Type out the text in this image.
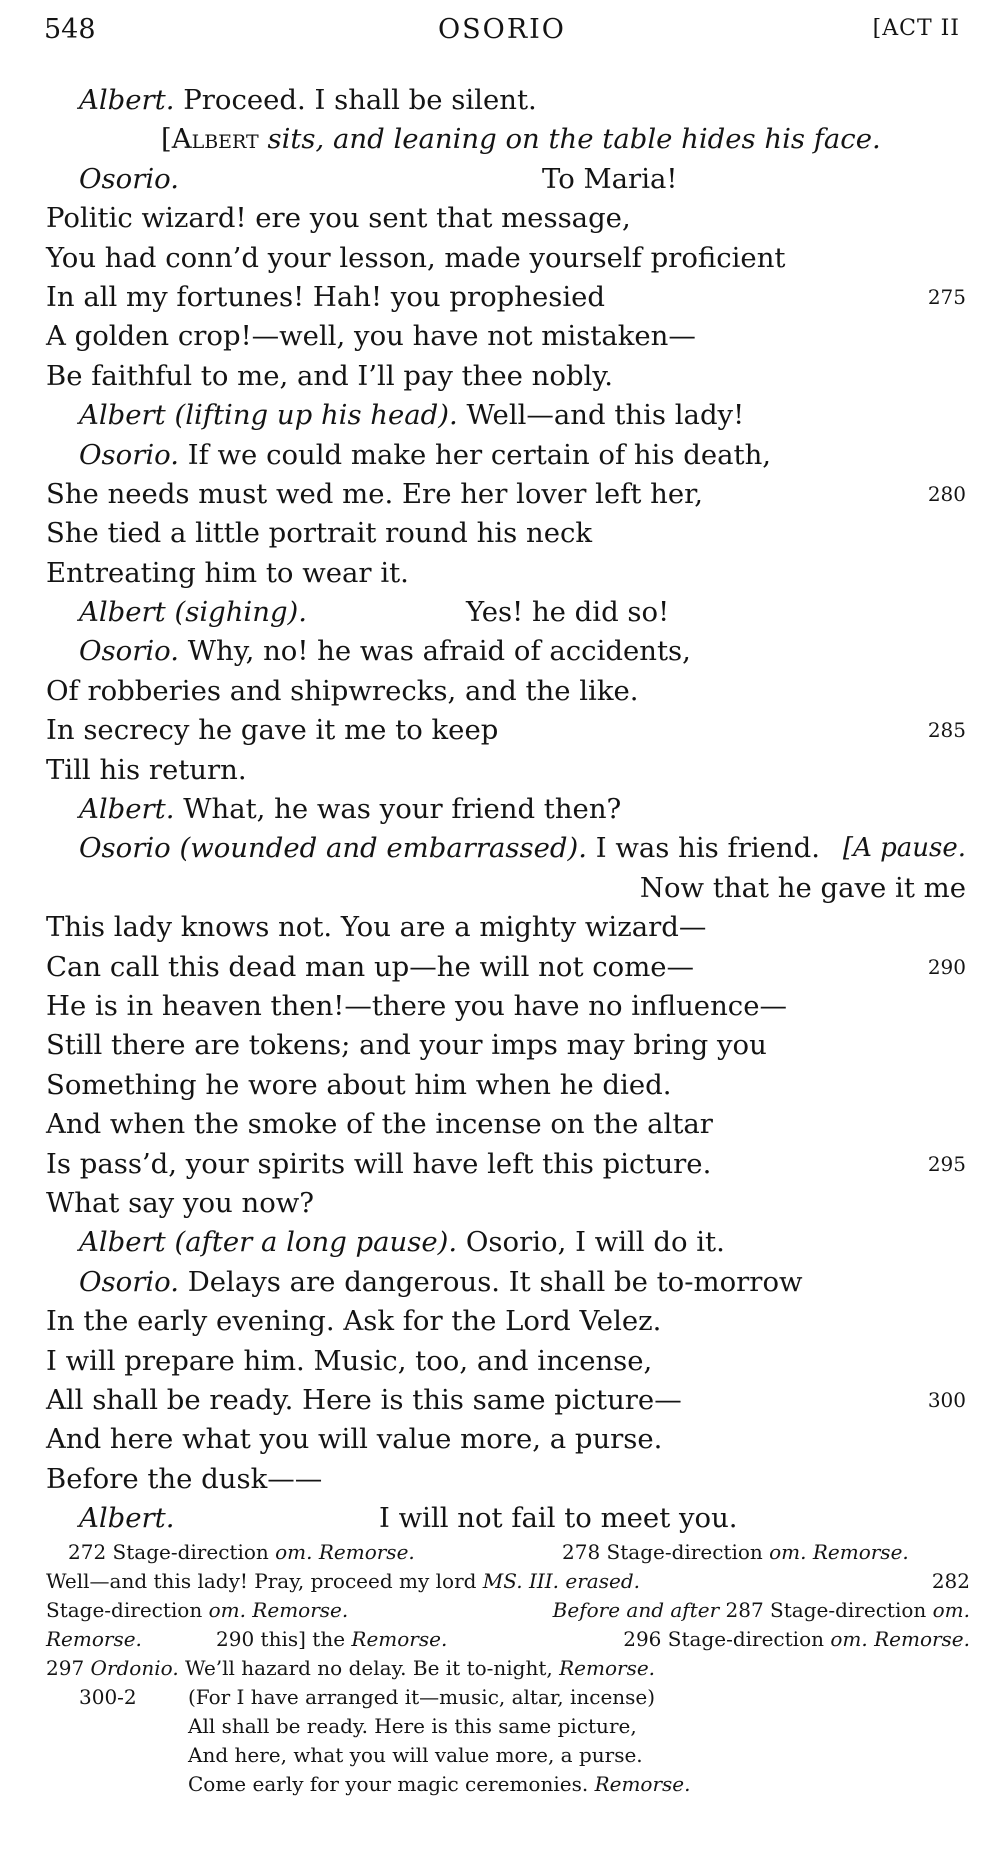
548	OSORIO	[ACT II
Albert. Proceed. I shall be silent.
[Albert sits, and leaning on the table hides his face.
Osorio.	To Maria!
Politic wizard! ere you sent that message,
You had conn’d your lesson, made yourself proficient
In all my fortunes! Hah! you prophesied	275
A golden crop!—well, you have not mistaken—
Be faithful to me, and I’ll pay thee nobly.
Albert (lifting up his head). Well—and this lady!
Osorio. If we could make her certain of his death,
She needs must wed me. Ere her lover left her,	280
She tied a little portrait round his neck
Entreating him to wear it.
Albert (sighing).	Yes! he did so!
Osorio. Why, no! he was afraid of accidents,
Of robberies and shipwrecks, and the like.
In secrecy he gave it me to keep	285
Till his return.
Albert. What, he was your friend then?
Osorio (wounded and embarrassed). I was his friend. [A pause.
Now that he gave it me
This lady knows not. You are a mighty wizard—
Can call this dead man up—he will not come—	290
He is in heaven then!—there you have no influence—
Still there are tokens; and your imps may bring you
Something he wore about him when he died.
And when the smoke of the incense on the altar
Is pass’d, your spirits will have left this picture.	295
What say you now?
Albert (after a long pause). Osorio, I will do it.
Osorio. Delays are dangerous. It shall be to-morrow
In the early evening. Ask for the Lord Velez.
I will prepare him. Music, too, and incense,
All shall be ready. Here is this same picture—	300
And here what you will value more, a purse.
Before the dusk——
Albert.	I will not fail to meet you.
272 Stage-direction om. Remorse.	278 Stage-direction om. Remorse.
Well—and this lady! Pray, proceed my lord MS. III. erased.	282
Stage-direction om. Remorse.	Before and after 287 Stage-direction om.
Remorse.	290 this] the Remorse.	296 Stage-direction om. Remorse.
297 Ordonio. We’ll hazard no delay. Be it to-night, Remorse.
300-2	(For I have arranged it—music, altar, incense)
All shall be ready. Here is this same picture,
And here, what you will value more, a purse.
Come early for your magic ceremonies. Remorse.
